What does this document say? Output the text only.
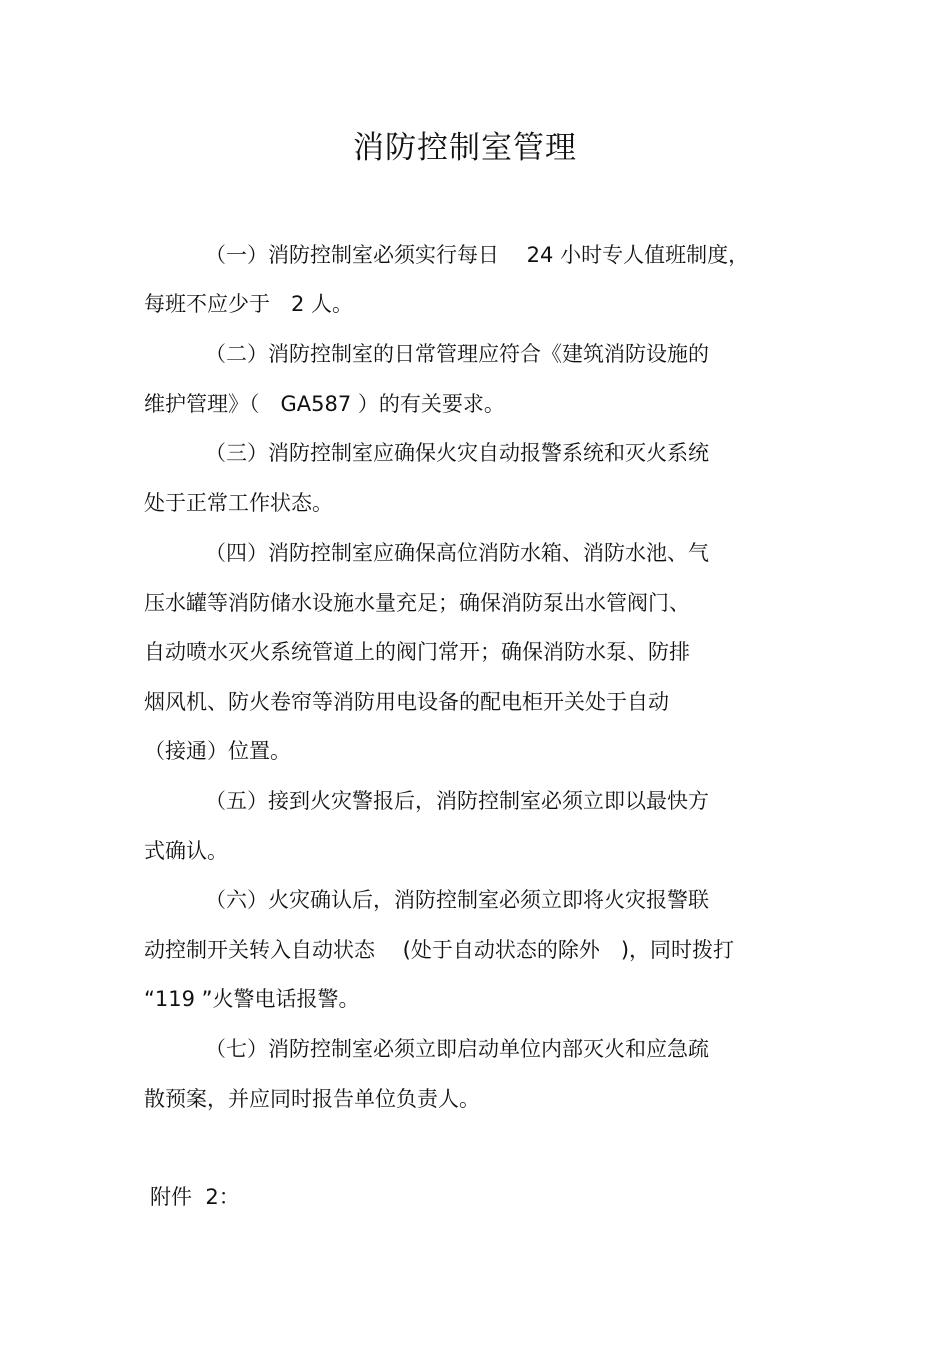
消防控制室管理
（一）消防控制室必须实行每日　 24 小时专人值班制度，
每班不应少于　2 人。
（二）消防控制室的日常管理应符合《建筑消防设施的
维护管理》（　GA587 ）的有关要求。
（三）消防控制室应确保火灾自动报警系统和灭火系统
处于正常工作状态。
（四）消防控制室应确保高位消防水箱、消防水池、气
压水罐等消防储水设施水量充足；确保消防泵出水管阀门、
自动喷水灭火系统管道上的阀门常开；确保消防水泵、防排
烟风机、防火卷帘等消防用电设备的配电柜开关处于自动
（接通）位置。
（五）接到火灾警报后，消防控制室必须立即以最快方
式确认。
（六）火灾确认后，消防控制室必须立即将火灾报警联
动控制开关转入自动状态　 (处于自动状态的除外　)，同时拨打
“119 ”火警电话报警。
（七）消防控制室必须立即启动单位内部灭火和应急疏
散预案，并应同时报告单位负责人。
附件  2：
